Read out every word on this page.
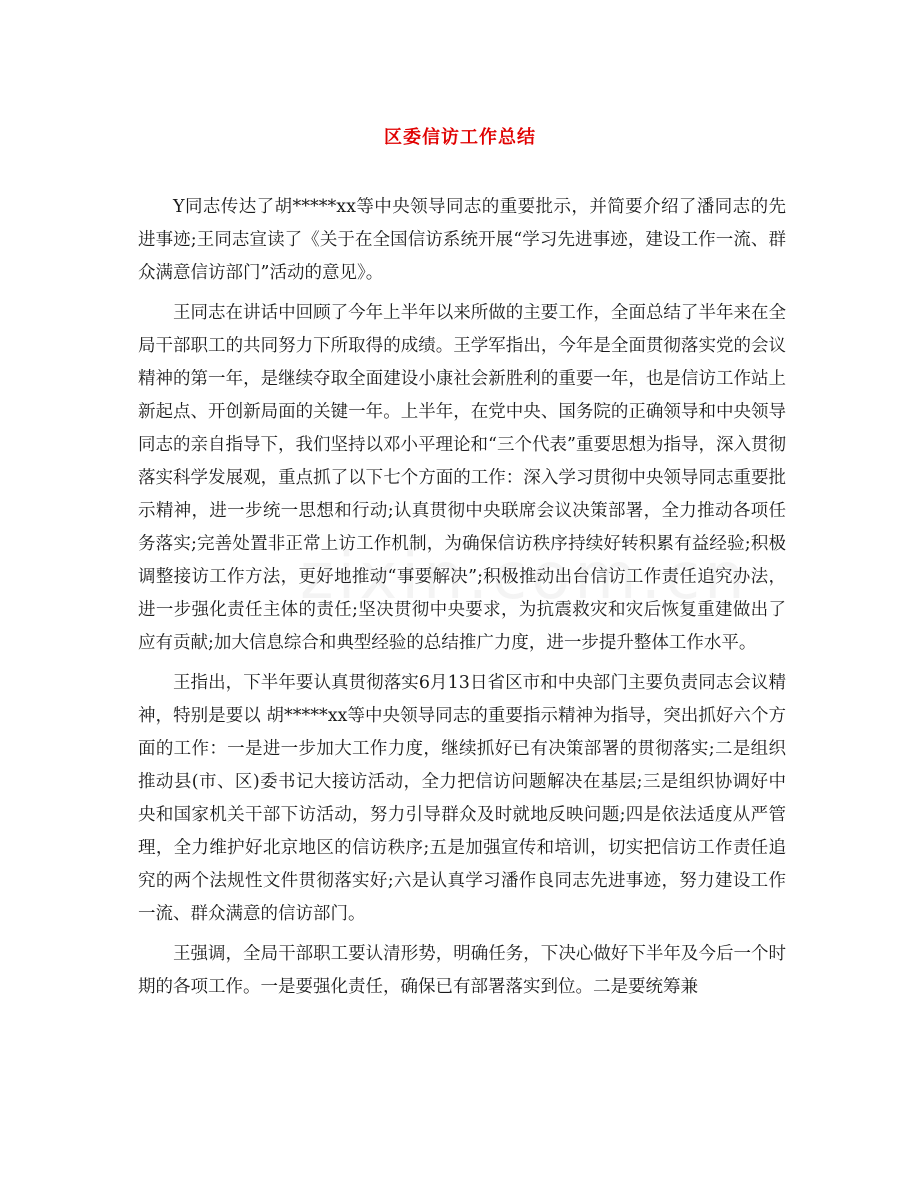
区委信访工作总结

Y同志传达了胡*****xx等中央领导同志的重要批示，并简要介绍了潘同志的先进事迹;王同志宣读了《关于在全国信访系统开展“学习先进事迹，建设工作一流、群众满意信访部门”活动的意见》。

王同志在讲话中回顾了今年上半年以来所做的主要工作，全面总结了半年来在全局干部职工的共同努力下所取得的成绩。王学军指出，今年是全面贯彻落实党的会议精神的第一年，是继续夺取全面建设小康社会新胜利的重要一年，也是信访工作站上新起点、开创新局面的关键一年。上半年，在党中央、国务院的正确领导和中央领导同志的亲自指导下，我们坚持以邓小平理论和“三个代表”重要思想为指导，深入贯彻落实科学发展观，重点抓了以下七个方面的工作：深入学习贯彻中央领导同志重要批示精神，进一步统一思想和行动;认真贯彻中央联席会议决策部署，全力推动各项任务落实;完善处置非正常上访工作机制，为确保信访秩序持续好转积累有益经验;积极调整接访工作方法，更好地推动“事要解决”;积极推动出台信访工作责任追究办法，进一步强化责任主体的责任;坚决贯彻中央要求，为抗震救灾和灾后恢复重建做出了应有贡献;加大信息综合和典型经验的总结推广力度，进一步提升整体工作水平。

王指出，下半年要认真贯彻落实6月13日省区市和中央部门主要负责同志会议精神，特别是要以 胡*****xx等中央领导同志的重要指示精神为指导，突出抓好六个方面的工作：一是进一步加大工作力度，继续抓好已有决策部署的贯彻落实;二是组织推动县(市、区)委书记大接访活动，全力把信访问题解决在基层;三是组织协调好中央和国家机关干部下访活动，努力引导群众及时就地反映问题;四是依法适度从严管理，全力维护好北京地区的信访秩序;五是加强宣传和培训，切实把信访工作责任追究的两个法规性文件贯彻落实好;六是认真学习潘作良同志先进事迹，努力建设工作一流、群众满意的信访部门。

王强调，全局干部职工要认清形势，明确任务，下决心做好下半年及今后一个时期的各项工作。一是要强化责任，确保已有部署落实到位。二是要统筹兼
